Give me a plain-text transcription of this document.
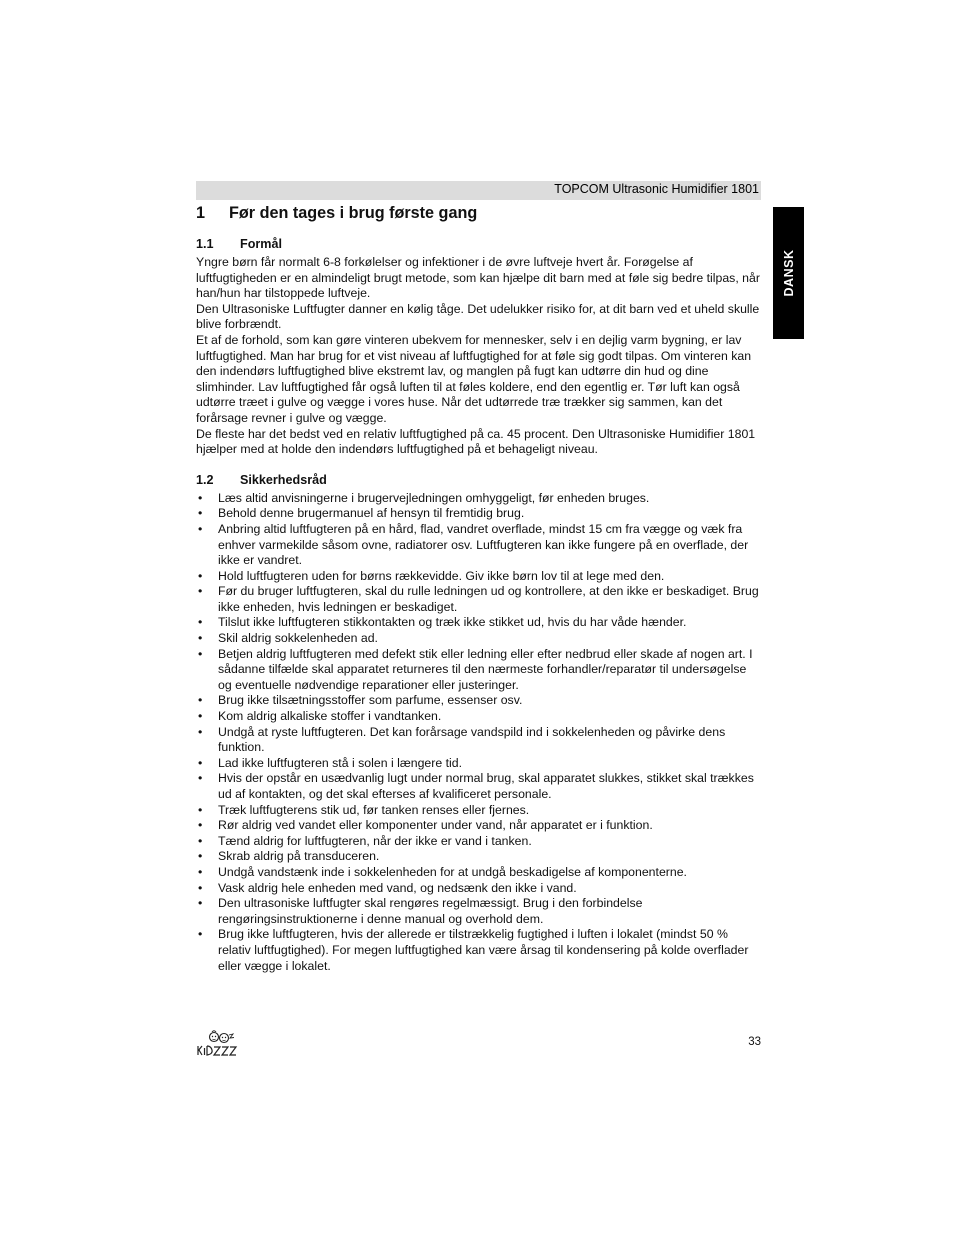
TOPCOM Ultrasonic Humidifier 1801
DANSK
1	Før den tages i brug første gang
1.1	Formål

Yngre børn får normalt 6-8 forkølelser og infektioner i de øvre luftveje hvert år. Forøgelse af luftfugtigheden er en almindeligt brugt metode, som kan hjælpe dit barn med at føle sig bedre tilpas, når han/hun har tilstoppede luftveje.

Den Ultrasoniske Luftfugter danner en kølig tåge. Det udelukker risiko for, at dit barn ved et uheld skulle blive forbrændt.

Et af de forhold, som kan gøre vinteren ubekvem for mennesker, selv i en dejlig varm bygning, er lav luftfugtighed. Man har brug for et vist niveau af luftfugtighed for at føle sig godt tilpas. Om vinteren kan den indendørs luftfugtighed blive ekstremt lav, og manglen på fugt kan udtørre din hud og dine slimhinder. Lav luftfugtighed får også luften til at føles koldere, end den egentlig er. Tør luft kan også udtørre træet i gulve og vægge i vores huse. Når det udtørrede træ trækker sig sammen, kan det forårsage revner i gulve og vægge.

De fleste har det bedst ved en relativ luftfugtighed på ca. 45 procent. Den Ultrasoniske Humidifier 1801 hjælper med at holde den indendørs luftfugtighed på et behageligt niveau.

1.2	Sikkerhedsråd
•	Læs altid anvisningerne i brugervejledningen omhyggeligt, før enheden bruges.
•	Behold denne brugermanuel af hensyn til fremtidig brug.
•	Anbring altid luftfugteren på en hård, flad, vandret overflade, mindst 15 cm fra vægge og væk fra enhver varmekilde såsom ovne, radiatorer osv. Luftfugteren kan ikke fungere på en overflade, der ikke er vandret.
•	Hold luftfugteren uden for børns rækkevidde. Giv ikke børn lov til at lege med den.
•	Før du bruger luftfugteren, skal du rulle ledningen ud og kontrollere, at den ikke er beskadiget. Brug ikke enheden, hvis ledningen er beskadiget.
•	Tilslut ikke luftfugteren stikkontakten og træk ikke stikket ud, hvis du har våde hænder.
•	Skil aldrig sokkelenheden ad.
•	Betjen aldrig luftfugteren med defekt stik eller ledning eller efter nedbrud eller skade af nogen art. I sådanne tilfælde skal apparatet returneres til den nærmeste forhandler/reparatør til undersøgelse og eventuelle nødvendige reparationer eller justeringer.
•	Brug ikke tilsætningsstoffer som parfume, essenser osv.
•	Kom aldrig alkaliske stoffer i vandtanken.
•	Undgå at ryste luftfugteren. Det kan forårsage vandspild ind i sokkelenheden og påvirke dens funktion.
•	Lad ikke luftfugteren stå i solen i længere tid.
•	Hvis der opstår en usædvanlig lugt under normal brug, skal apparatet slukkes, stikket skal trækkes ud af kontakten, og det skal efterses af kvalificeret personale.
•	Træk luftfugterens stik ud, før tanken renses eller fjernes.
•	Rør aldrig ved vandet eller komponenter under vand, når apparatet er i funktion.
•	Tænd aldrig for luftfugteren, når der ikke er vand i tanken.
•	Skrab aldrig på transduceren.
•	Undgå vandstænk inde i sokkelenheden for at undgå beskadigelse af komponenterne.
•	Vask aldrig hele enheden med vand, og nedsænk den ikke i vand.
•	Den ultrasoniske luftfugter skal rengøres regelmæssigt. Brug i den forbindelse rengøringsinstruktionerne i denne manual og overhold dem.
•	Brug ikke luftfugteren, hvis der allerede er tilstrækkelig fugtighed i luften i lokalet (mindst 50 % relativ luftfugtighed). For megen luftfugtighed kan være årsag til kondensering på kolde overflader eller vægge i lokalet.
33
